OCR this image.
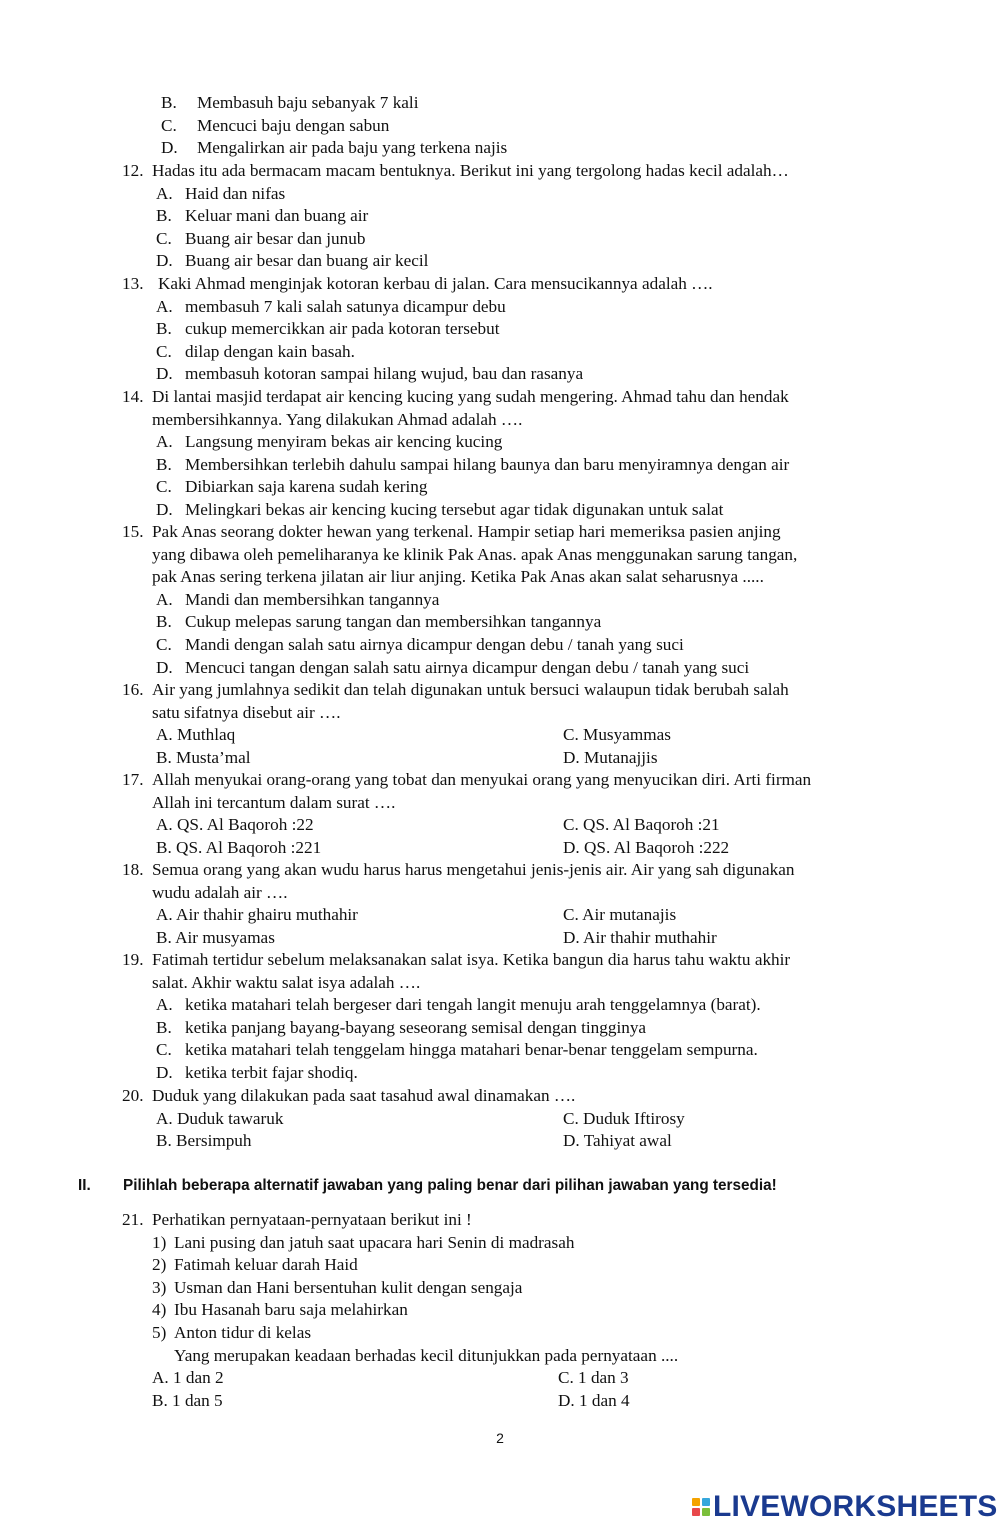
B. Membasuh baju sebanyak 7 kali
C. Mencuci baju dengan sabun
D. Mengalirkan air pada baju yang terkena najis
12. Hadas itu ada bermacam macam bentuknya. Berikut ini yang tergolong hadas kecil adalah…
A. Haid dan nifas
B. Keluar mani dan buang air
C. Buang air besar dan junub
D. Buang air besar dan buang air kecil
13. Kaki Ahmad menginjak kotoran kerbau di jalan. Cara mensucikannya adalah ….
A. membasuh 7 kali salah satunya dicampur debu
B. cukup memercikkan air pada kotoran tersebut
C. dilap dengan kain basah.
D. membasuh kotoran sampai hilang wujud, bau dan rasanya
14. Di lantai masjid terdapat air kencing kucing yang sudah mengering. Ahmad tahu dan hendak
membersihkannya. Yang dilakukan Ahmad adalah ….
A. Langsung menyiram bekas air kencing kucing
B. Membersihkan terlebih dahulu sampai hilang baunya dan baru menyiramnya dengan air
C. Dibiarkan saja karena sudah kering
D. Melingkari bekas air kencing kucing tersebut agar tidak digunakan untuk salat
15. Pak Anas seorang dokter hewan yang terkenal. Hampir setiap hari memeriksa pasien anjing
yang dibawa oleh pemeliharanya ke klinik Pak Anas. apak Anas menggunakan sarung tangan,
pak Anas sering terkena jilatan air liur anjing. Ketika Pak Anas akan salat seharusnya .....
A. Mandi dan membersihkan tangannya
B. Cukup melepas sarung tangan dan membersihkan tangannya
C. Mandi dengan salah satu airnya dicampur dengan debu / tanah yang suci
D. Mencuci tangan dengan salah satu airnya dicampur dengan debu / tanah yang suci
16. Air yang jumlahnya sedikit dan telah digunakan untuk bersuci walaupun tidak berubah salah
satu sifatnya disebut air ….
A. Muthlaq	C. Musyammas
B. Musta’mal	D. Mutanajjis
17. Allah menyukai orang-orang yang tobat dan menyukai orang yang menyucikan diri. Arti firman
Allah ini tercantum dalam surat ….
A. QS. Al Baqoroh :22	C. QS. Al Baqoroh :21
B. QS. Al Baqoroh :221	D. QS. Al Baqoroh :222
18. Semua orang yang akan wudu harus harus mengetahui jenis-jenis air. Air yang sah digunakan
wudu adalah air ….
A. Air thahir ghairu muthahir	C. Air mutanajis
B. Air musyamas	D. Air thahir muthahir
19. Fatimah tertidur sebelum melaksanakan salat isya. Ketika bangun dia harus tahu waktu akhir
salat. Akhir waktu salat isya adalah ….
A. ketika matahari telah bergeser dari tengah langit menuju arah tenggelamnya (barat).
B. ketika panjang bayang-bayang seseorang semisal dengan tingginya
C. ketika matahari telah tenggelam hingga matahari benar-benar tenggelam sempurna.
D. ketika terbit fajar shodiq.
20. Duduk yang dilakukan pada saat tasahud awal dinamakan ….
A. Duduk tawaruk	C. Duduk Iftirosy
B. Bersimpuh	D. Tahiyat awal
II. Pilihlah beberapa alternatif jawaban yang paling benar dari pilihan jawaban yang tersedia!
21. Perhatikan pernyataan-pernyataan berikut ini !
1) Lani pusing dan jatuh saat upacara hari Senin di madrasah
2) Fatimah keluar darah Haid
3) Usman dan Hani bersentuhan kulit dengan sengaja
4) Ibu Hasanah baru saja melahirkan
5) Anton tidur di kelas
Yang merupakan keadaan berhadas kecil ditunjukkan pada pernyataan ....
A. 1 dan 2	C. 1 dan 3
B. 1 dan 5	D. 1 dan 4
2
LIVEWORKSHEETS
